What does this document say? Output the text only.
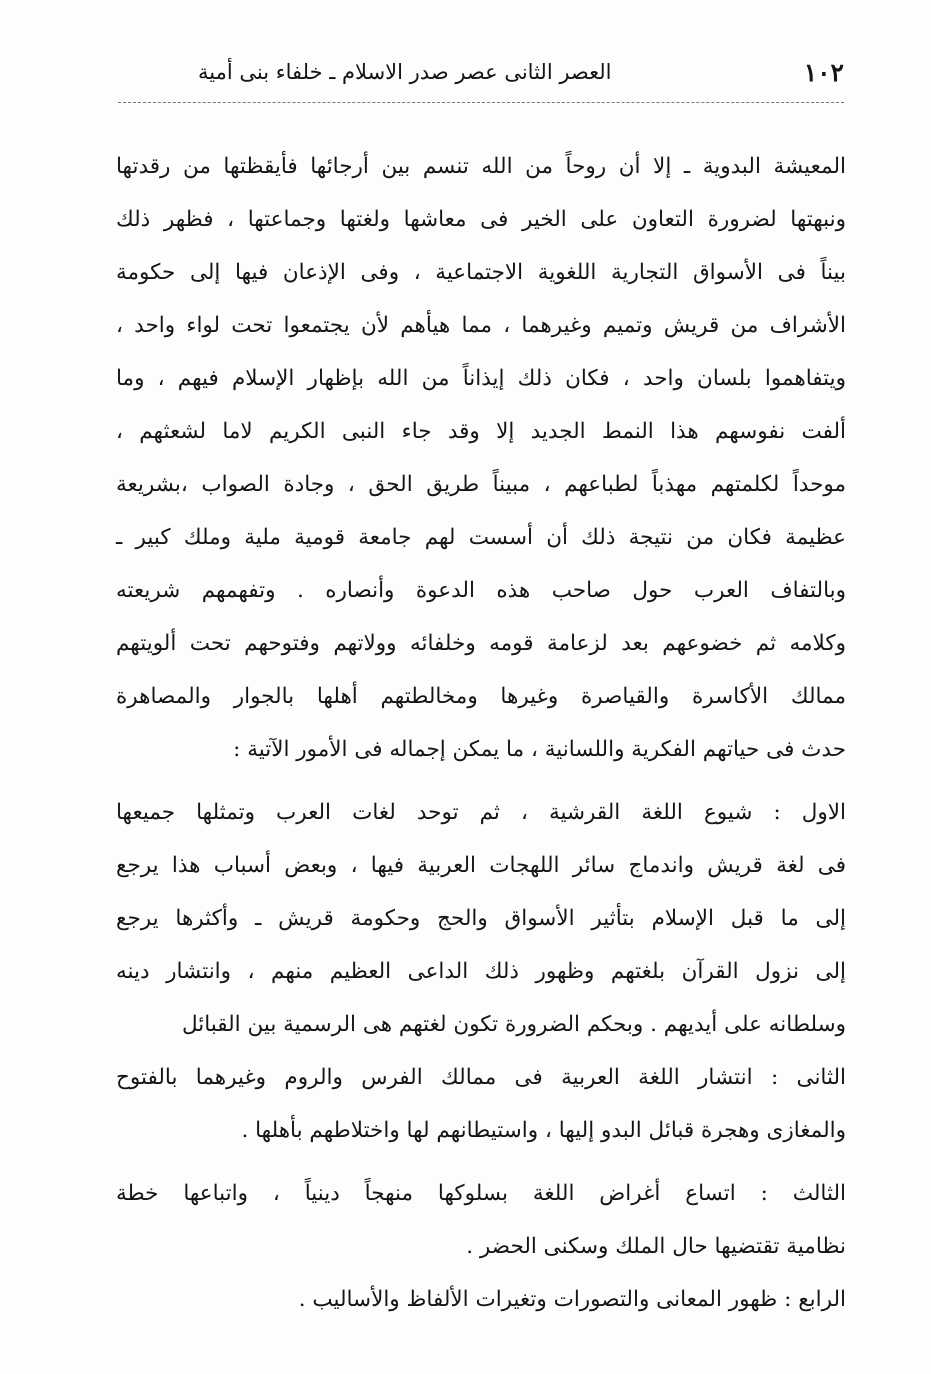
١٠٢
العصر الثانى عصر صدر الاسلام ـ خلفاء بنى أمية
المعيشة البدوية ـ إلا أن روحاً من الله تنسم بين أرجائها فأيقظتها من رقدتها
ونبهتها لضرورة التعاون على الخير فى معاشها ولغتها وجماعتها ، فظهر ذلك
بيناً فى الأسواق التجارية اللغوية الاجتماعية ، وفى الإذعان فيها إلى حكومة
الأشراف من قريش وتميم وغيرهما ، مما هيأهم لأن يجتمعوا تحت لواء واحد ،
ويتفاهموا بلسان واحد ، فكان ذلك إيذاناً من الله بإظهار الإسلام فيهم ، وما
ألفت نفوسهم هذا النمط الجديد إلا وقد جاء النبى الكريم لاما لشعثهم ،
موحداً لكلمتهم مهذباً لطباعهم ، مبيناً طريق الحق ، وجادة الصواب ،بشريعة
عظيمة فكان من نتيجة ذلك أن أسست لهم جامعة قومية ملية وملك كبير ـ
وبالتفاف العرب حول صاحب هذه الدعوة وأنصاره . وتفهمهم شريعته
وكلامه ثم خضوعهم بعد لزعامة قومه وخلفائه وولاتهم وفتوحهم تحت ألويتهم
ممالك الأكاسرة والقياصرة وغيرها ومخالطتهم أهلها بالجوار والمصاهرة
حدث فى حياتهم الفكرية واللسانية ، ما يمكن إجماله فى الأمور الآتية :
الاول : شيوع اللغة القرشية ، ثم توحد لغات العرب وتمثلها جميعها
فى لغة قريش واندماج سائر اللهجات العربية فيها ، وبعض أسباب هذا يرجع
إلى ما قبل الإسلام بتأثير الأسواق والحج وحكومة قريش ـ وأكثرها يرجع
إلى نزول القرآن بلغتهم وظهور ذلك الداعى العظيم منهم ، وانتشار دينه
وسلطانه على أيديهم . وبحكم الضرورة تكون لغتهم هى الرسمية بين القبائل
الثانى : انتشار اللغة العربية فى ممالك الفرس والروم وغيرهما بالفتوح
والمغازى وهجرة قبائل البدو إليها ، واستيطانهم لها واختلاطهم بأهلها .
الثالث : اتساع أغراض اللغة بسلوكها منهجاً دينياً ، واتباعها خطة
نظامية تقتضيها حال الملك وسكنى الحضر .
الرابع : ظهور المعانى والتصورات وتغيرات الألفاظ والأساليب .
